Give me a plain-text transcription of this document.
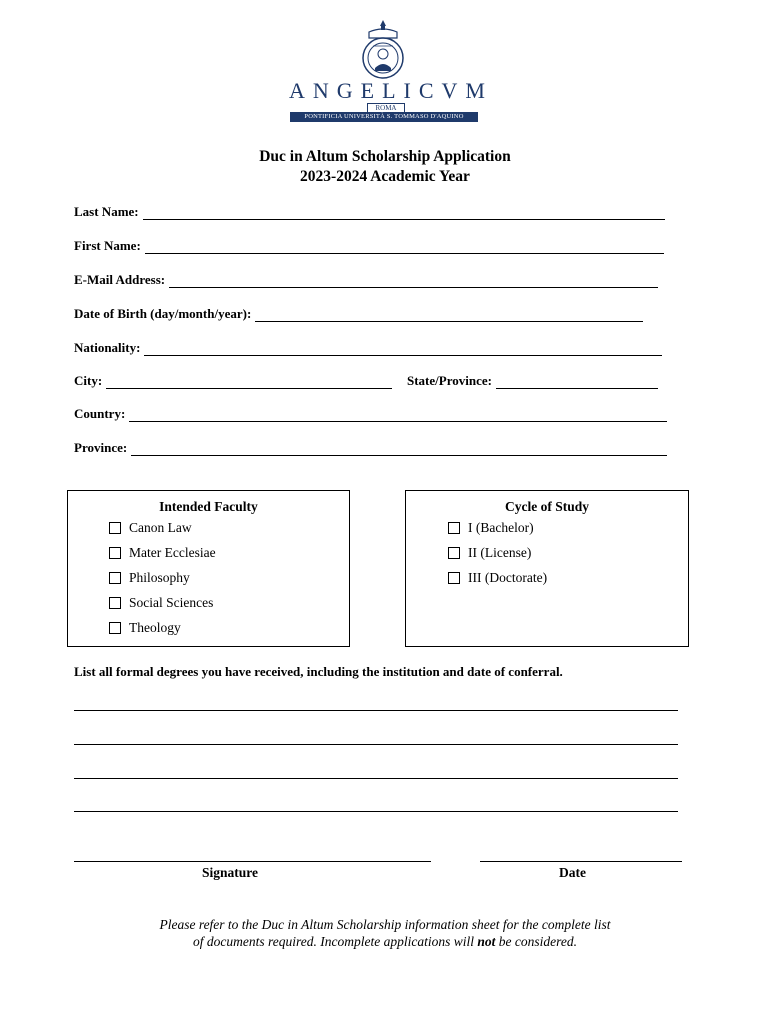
ANGELICVM
ROMA
PONTIFICIA UNIVERSITÀ S. TOMMASO D'AQUINO
Duc in Altum Scholarship Application
2023-2024 Academic Year
Last Name:
First Name:
E-Mail Address:
Date of Birth (day/month/year):
Nationality:
City:	State/Province:
Country:
Province:
Intended Faculty
Canon Law
Mater Ecclesiae
Philosophy
Social Sciences
Theology
Cycle of Study
I (Bachelor)
II (License)
III (Doctorate)
List all formal degrees you have received, including the institution and date of conferral.
Signature	Date
Please refer to the Duc in Altum Scholarship information sheet for the complete list
of documents required. Incomplete applications will not be considered.
